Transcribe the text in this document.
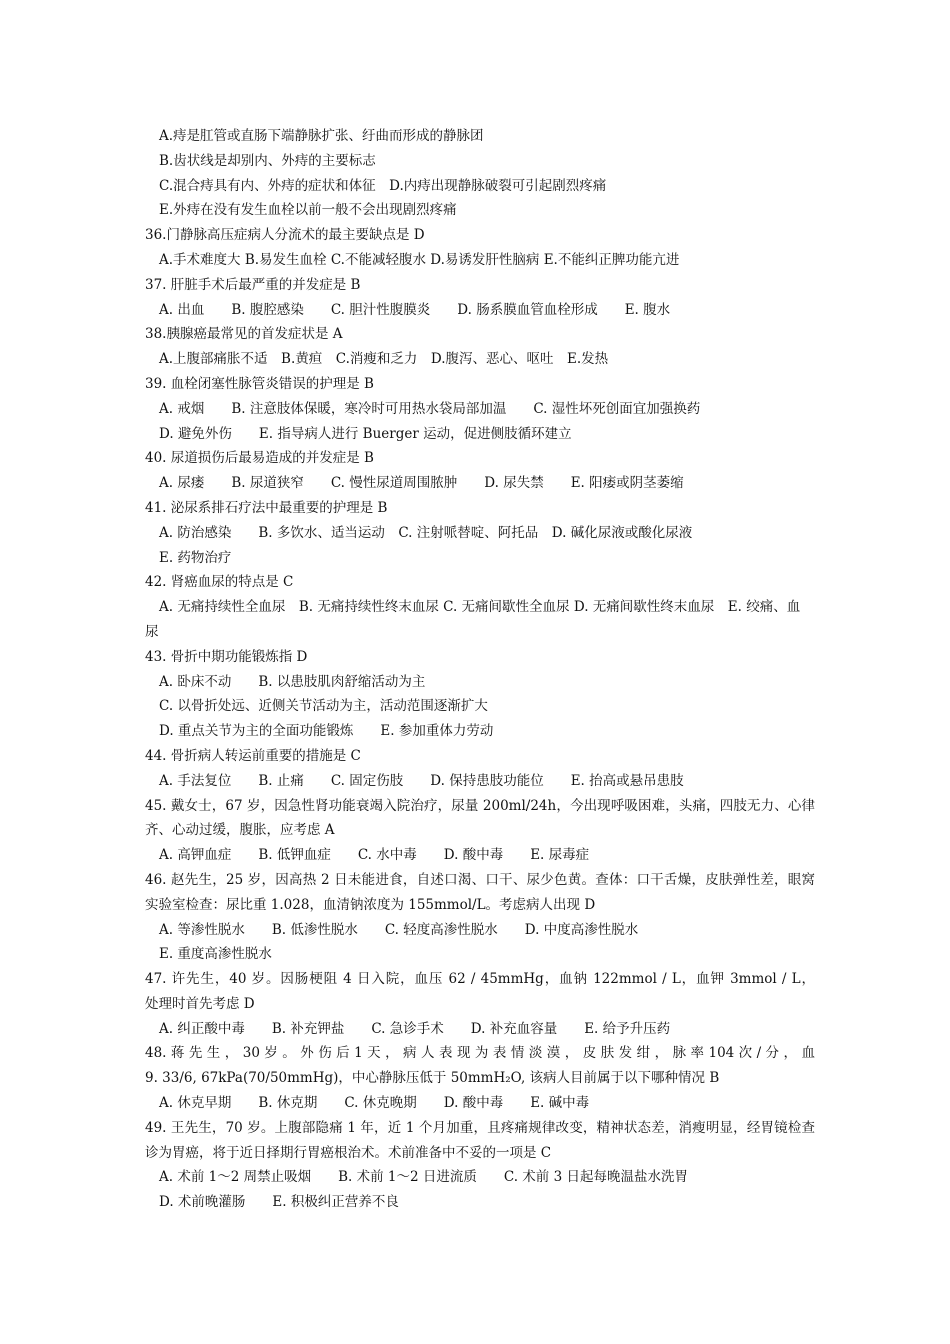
A.痔是肛管或直肠下端静脉扩张、纡曲而形成的静脉团
B.齿状线是却别内、外痔的主要标志
C.混合痔具有内、外痔的症状和体征　D.内痔出现静脉破裂可引起剧烈疼痛
E.外痔在没有发生血栓以前一般不会出现剧烈疼痛
36.门静脉高压症病人分流术的最主要缺点是 D
A.手术难度大 B.易发生血栓 C.不能减轻腹水 D.易诱发肝性脑病 E.不能纠正脾功能亢进
37. 肝脏手术后最严重的并发症是 B
A. 出血　　B. 腹腔感染　　C. 胆汁性腹膜炎　　D. 肠系膜血管血栓形成　　E. 腹水
38.胰腺癌最常见的首发症状是 A
A.上腹部痛胀不适　B.黄疸　C.消瘦和乏力　D.腹泻、恶心、呕吐　E.发热
39. 血栓闭塞性脉管炎错误的护理是 B
A. 戒烟　　B. 注意肢体保暖，寒冷时可用热水袋局部加温　　C. 湿性坏死创面宜加强换药
D. 避免外伤　　E. 指导病人进行 Buerger 运动，促进侧肢循环建立
40. 尿道损伤后最易造成的并发症是 B
A. 尿瘘　　B. 尿道狭窄　　C. 慢性尿道周围脓肿　　D. 尿失禁　　E. 阳痿或阴茎萎缩
41. 泌尿系排石疗法中最重要的护理是 B
A. 防治感染　　B. 多饮水、适当运动　C. 注射哌替啶、阿托品　D. 碱化尿液或酸化尿液
E. 药物治疗
42. 肾癌血尿的特点是 C
A. 无痛持续性全血尿　B. 无痛持续性终末血尿 C. 无痛间歇性全血尿 D. 无痛间歇性终末血尿　E. 绞痛、血
尿
43. 骨折中期功能锻炼指 D
A. 卧床不动　　B. 以患肢肌肉舒缩活动为主
C. 以骨折处远、近侧关节活动为主，活动范围逐渐扩大
D. 重点关节为主的全面功能锻炼　　E. 参加重体力劳动
44. 骨折病人转运前重要的措施是 C
A. 手法复位　　B. 止痛　　C. 固定伤肢　　D. 保持患肢功能位　　E. 抬高或悬吊患肢
45. 戴女士，67 岁，因急性肾功能衰竭入院治疗，尿量 200ml/24h，今出现呼吸困难，头痛，四肢无力、心律
齐、心动过缓，腹胀，应考虑 A
A. 高钾血症　　B. 低钾血症　　C. 水中毒　　D. 酸中毒　　E. 尿毒症
46. 赵先生，25 岁，因高热 2 日未能进食，自述口渴、口干、尿少色黄。查体：口干舌燥，皮肤弹性差，眼窝
实验室检查：尿比重 1.028，血清钠浓度为 155mmol/L。考虑病人出现 D
A. 等渗性脱水　　B. 低渗性脱水　　C. 轻度高渗性脱水　　D. 中度高渗性脱水
E. 重度高渗性脱水
47. 许先生，40 岁。因肠梗阻 4 日入院，血压 62 / 45mmHg，血钠 122mmol / L，血钾 3mmol / L，
处理时首先考虑 D
A. 纠正酸中毒　　B. 补充钾盐　　C. 急诊手术　　D. 补充血容量　　E. 给予升压药
48. 蒋 先 生 ， 30 岁 。 外 伤 后 1 天 ， 病 人 表 现 为 表 情 淡 漠 ， 皮 肤 发 绀 ， 脉 率 104 次 / 分 ， 血
9. 33/6, 67kPa(70/50mmHg)，中心静脉压低于 50mmH₂O, 该病人目前属于以下哪种情况 B
A. 休克早期　　B. 休克期　　C. 休克晚期　　D. 酸中毒　　E. 碱中毒
49. 王先生，70 岁。上腹部隐痛 1 年，近 1 个月加重，且疼痛规律改变，精神状态差，消瘦明显，经胃镜检查
诊为胃癌，将于近日择期行胃癌根治术。术前准备中不妥的一项是 C
A. 术前 1～2 周禁止吸烟　　B. 术前 1～2 日进流质　　C. 术前 3 日起每晚温盐水洗胃
D. 术前晚灌肠　　E. 积极纠正营养不良
